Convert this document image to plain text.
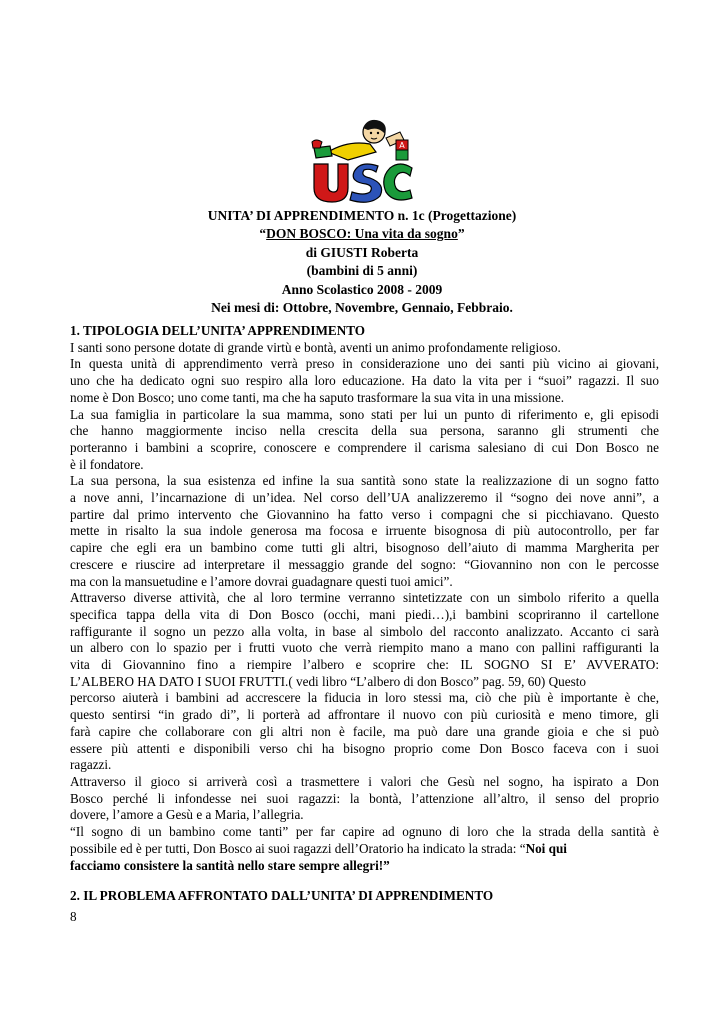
A
UNITA’ DI APPRENDIMENTO n. 1c (Progettazione)
“DON BOSCO: Una vita da sogno”
di GIUSTI Roberta
(bambini di 5 anni)
Anno Scolastico 2008 - 2009
Nei mesi di: Ottobre, Novembre, Gennaio, Febbraio.
1. TIPOLOGIA DELL’UNITA’ APPRENDIMENTO
I santi sono persone dotate di grande virtù e bontà, aventi un animo profondamente religioso.
In questa unità di apprendimento verrà preso in considerazione uno dei santi più vicino ai giovani,
uno che ha dedicato ogni suo respiro alla loro educazione. Ha dato la vita per i “suoi” ragazzi. Il suo
nome è Don Bosco; uno come tanti, ma che ha saputo trasformare la sua vita in una missione.
La sua famiglia in particolare la sua mamma, sono stati per lui un punto di riferimento e, gli episodi
che hanno maggiormente inciso nella crescita della sua persona, saranno gli strumenti che
porteranno i bambini a scoprire, conoscere e comprendere il carisma salesiano di cui Don Bosco ne
è il fondatore.
La sua persona, la sua esistenza ed infine la sua santità sono state la realizzazione di un sogno fatto
a nove anni, l’incarnazione di un’idea. Nel corso dell’UA analizzeremo il “sogno dei nove anni”, a
partire dal primo intervento che Giovannino ha fatto verso i compagni che si picchiavano. Questo
mette in risalto la sua indole generosa ma focosa e irruente bisognosa di più autocontrollo, per far
capire che egli era un bambino come tutti gli altri, bisognoso dell’aiuto di mamma Margherita per
crescere e riuscire ad interpretare il messaggio grande del sogno: “Giovannino non con le percosse
ma con la mansuetudine e l’amore dovrai guadagnare questi tuoi amici”.
Attraverso diverse attività, che al loro termine verranno sintetizzate con un simbolo riferito a quella
specifica tappa della vita di Don Bosco (occhi, mani piedi…),i bambini scopriranno il cartellone
raffigurante il sogno un pezzo alla volta, in base al simbolo del racconto analizzato. Accanto ci sarà
un albero con lo spazio per i frutti vuoto che verrà riempito mano a mano con pallini raffiguranti la
vita di Giovannino fino a riempire l’albero e scoprire che: IL SOGNO SI E’ AVVERATO:
L’ALBERO HA DATO I SUOI FRUTTI.( vedi libro “L’albero di don Bosco” pag. 59, 60) Questo
percorso aiuterà i bambini ad accrescere la fiducia in loro stessi ma, ciò che più è importante è che,
questo sentirsi “in grado di”, li porterà ad affrontare il nuovo con più curiosità e meno timore, gli
farà capire che collaborare con gli altri non è facile, ma può dare una grande gioia e che si può
essere più attenti e disponibili verso chi ha bisogno proprio come Don Bosco faceva con i suoi
ragazzi.
Attraverso il gioco si arriverà così a trasmettere i valori che Gesù nel sogno, ha ispirato a Don
Bosco perché li infondesse nei suoi ragazzi: la bontà, l’attenzione all’altro, il senso del proprio
dovere, l’amore a Gesù e a Maria, l’allegria.
“Il sogno di un bambino come tanti” per far capire ad ognuno di loro che la strada della santità è
possibile ed è per tutti, Don Bosco ai suoi ragazzi dell’Oratorio ha indicato la strada: “Noi qui
facciamo consistere la santità nello stare sempre allegri!”
2. IL PROBLEMA AFFRONTATO DALL’UNITA’ DI APPRENDIMENTO
8
